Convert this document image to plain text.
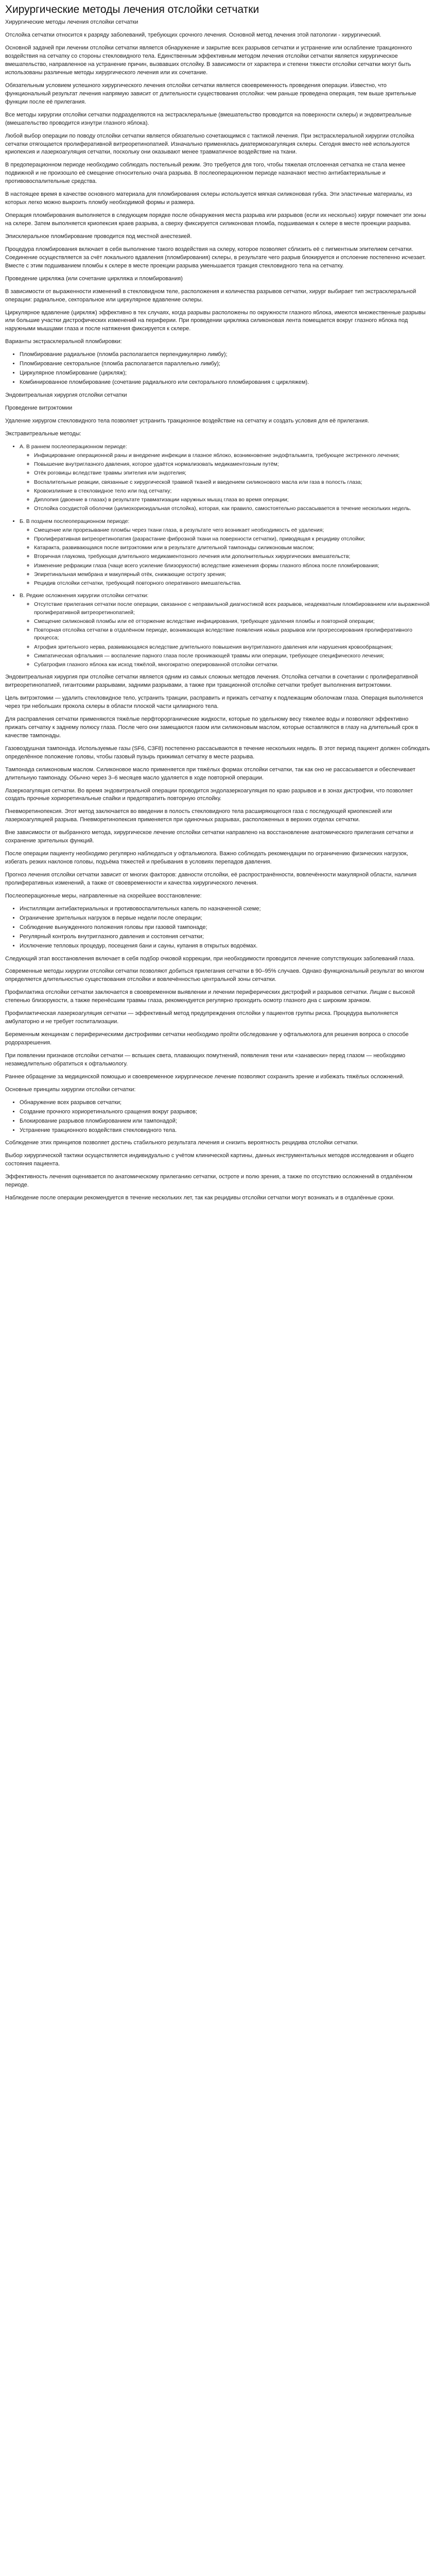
Хирургические методы лечения отслойки сетчатки

Хирургические методы лечения отслойки сетчатки

Отслойка сетчатки относится к разряду заболеваний, требующих срочного лечения. Основной метод лечения этой патологии - хирургический.

Основной задачей при лечении отслойки сетчатки является обнаружение и закрытие всех разрывов сетчатки и устранение или ослабление тракционного воздействия на сетчатку со стороны стекловидного тела. Единственным эффективным методом лечения отслойки сетчатки является хирургическое вмешательство, направленное на устранение причин, вызвавших отслойку. В зависимости от характера и степени тяжести отслойки сетчатки могут быть использованы различные методы хирургического лечения или их сочетание.

Обязательным условием успешного хирургического лечения отслойки сетчатки является своевременность проведения операции. Известно, что функциональный результат лечения напрямую зависит от длительности существования отслойки: чем раньше проведена операция, тем выше зрительные функции после её прилегания.

Все методы хирургии отслойки сетчатки подразделяются на экстрасклеральные (вмешательство проводится на поверхности склеры) и эндовитреальные (вмешательство проводится изнутри глазного яблока).

Любой выбор операции по поводу отслойки сетчатки является обязательно сочетающимся с тактикой лечения. При экстрасклеральной хирургии отслойка сетчатки отягощается пролиферативной витреоретинопатией. Изначально применялась диатермокоагуляция склеры. Сегодня вместо неё используются криопексия и лазеркоагуляция сетчатки, поскольку они оказывают менее травматичное воздействие на ткани.

В предоперационном периоде необходимо соблюдать постельный режим. Это требуется для того, чтобы тяжелая отслоенная сетчатка не стала менее подвижной и не произошло её смещение относительно очага разрыва. В послеоперационном периоде назначают местно антибактериальные и противовоспалительные средства.

В настоящее время в качестве основного материала для пломбирования склеры используется мягкая силиконовая губка. Эти эластичные материалы, из которых легко можно выкроить пломбу необходимой формы и размера.

Операция пломбирования выполняется в следующем порядке после обнаружения места разрыва или разрывов (если их несколько) хирург помечает эти зоны на склере. Затем выполняется криопексия краев разрыва, а сверху фиксируется силиконовая пломба, подшиваемая к склере в месте проекции разрыва.

Эписклеральное пломбирование проводится под местной анестезией.

Процедура пломбирования включает в себя выполнение такого воздействия на склеру, которое позволяет сблизить её с пигментным эпителием сетчатки. Соединение осуществляется за счёт локального вдавления (пломбирования) склеры, в результате чего разрыв блокируется и отслоение постепенно исчезает. Вместе с этим подшиванием пломбы к склере в месте проекции разрыва уменьшается тракция стекловидного тела на сетчатку.

Проведение циркляжа (или сочетание циркляжа и пломбирования)

В зависимости от выраженности изменений в стекловидном теле, расположения и количества разрывов сетчатки, хирург выбирает тип экстрасклеральной операции: радиальное, секторальное или циркулярное вдавление склеры.

Циркулярное вдавление (циркляж) эффективно в тех случаях, когда разрывы расположены по окружности глазного яблока, имеются множественные разрывы или большие участки дистрофических изменений на периферии. При проведении циркляжа силиконовая лента помещается вокруг глазного яблока под наружными мышцами глаза и после натяжения фиксируется к склере.

Варианты экстрасклеральной пломбировки:

• Пломбирование радиальное (пломба располагается перпендикулярно лимбу);
• Пломбирование секторальное (пломба располагается параллельно лимбу);
• Циркулярное пломбирование (циркляж);
• Комбинированное пломбирование (сочетание радиального или секторального пломбирования с циркляжем).

Эндовитреальная хирургия отслойки сетчатки

Проведение витрэктомии

Удаление хирургом стекловидного тела позволяет устранить тракционное воздействие на сетчатку и создать условия для её прилегания.

Экстравитреальные методы:

• А. В раннем послеоперационном периоде:
◦ Инфицирование операционной раны и внедрение инфекции в глазное яблоко, возникновение эндофтальмита, требующее экстренного лечения;
◦ Повышение внутриглазного давления, которое удаётся нормализовать медикаментозным путём;
◦ Отёк роговицы вследствие травмы эпителия или эндотелия;
◦ Воспалительные реакции, связанные с хирургической травмой тканей и введением силиконового масла или газа в полость глаза;
◦ Кровоизлияние в стекловидное тело или под сетчатку;
◦ Диплопия (двоение в глазах) в результате травматизации наружных мышц глаза во время операции;
◦ Отслойка сосудистой оболочки (цилиохориоидальная отслойка), которая, как правило, самостоятельно рассасывается в течение нескольких недель.
• Б. В позднем послеоперационном периоде:
◦ Смещение или прорезывание пломбы через ткани глаза, в результате чего возникает необходимость её удаления;
◦ Пролиферативная витреоретинопатия (разрастание фиброзной ткани на поверхности сетчатки), приводящая к рецидиву отслойки;
◦ Катаракта, развивающаяся после витрэктомии или в результате длительной тампонады силиконовым маслом;
◦ Вторичная глаукома, требующая длительного медикаментозного лечения или дополнительных хирургических вмешательств;
◦ Изменение рефракции глаза (чаще всего усиление близорукости) вследствие изменения формы глазного яблока после пломбирования;
◦ Эпиретинальная мембрана и макулярный отёк, снижающие остроту зрения;
◦ Рецидив отслойки сетчатки, требующий повторного оперативного вмешательства.
• В. Редкие осложнения хирургии отслойки сетчатки:
◦ Отсутствие прилегания сетчатки после операции, связанное с неправильной диагностикой всех разрывов, неадекватным пломбированием или выраженной пролиферативной витреоретинопатией;
◦ Смещение силиконовой пломбы или её отторжение вследствие инфицирования, требующее удаления пломбы и повторной операции;
◦ Повторная отслойка сетчатки в отдалённом периоде, возникающая вследствие появления новых разрывов или прогрессирования пролиферативного процесса;
◦ Атрофия зрительного нерва, развивающаяся вследствие длительного повышения внутриглазного давления или нарушения кровообращения;
◦ Симпатическая офтальмия — воспаление парного глаза после проникающей травмы или операции, требующее специфического лечения;
◦ Субатрофия глазного яблока как исход тяжёлой, многократно оперированной отслойки сетчатки.

Эндовитреальная хирургия при отслойке сетчатки является одним из самых сложных методов лечения. Отслойка сетчатки в сочетании с пролиферативной витреоретинопатией, гигантскими разрывами, задними разрывами, а также при тракционной отслойке сетчатки требует выполнения витрэктомии.

Цель витрэктомии — удалить стекловидное тело, устранить тракции, расправить и прижать сетчатку к подлежащим оболочкам глаза. Операция выполняется через три небольших прокола склеры в области плоской части цилиарного тела.

Для расправления сетчатки применяются тяжёлые перфторорганические жидкости, которые по удельному весу тяжелее воды и позволяют эффективно прижать сетчатку к заднему полюсу глаза. После чего они замещаются газом или силиконовым маслом, которые оставляются в глазу на длительный срок в качестве тампонады.

Газовоздушная тампонада. Используемые газы (SF6, C3F8) постепенно рассасываются в течение нескольких недель. В этот период пациент должен соблюдать определённое положение головы, чтобы газовый пузырь прижимал сетчатку в месте разрыва.

Тампонада силиконовым маслом. Силиконовое масло применяется при тяжёлых формах отслойки сетчатки, так как оно не рассасывается и обеспечивает длительную тампонаду. Обычно через 3–6 месяцев масло удаляется в ходе повторной операции.

Лазеркоагуляция сетчатки. Во время эндовитреальной операции проводится эндолазеркоагуляция по краю разрывов и в зонах дистрофии, что позволяет создать прочные хориоретинальные спайки и предотвратить повторную отслойку.

Пневморетинопексия. Этот метод заключается во введении в полость стекловидного тела расширяющегося газа с последующей криопексией или лазеркоагуляцией разрыва. Пневморетинопексия применяется при одиночных разрывах, расположенных в верхних отделах сетчатки.

Вне зависимости от выбранного метода, хирургическое лечение отслойки сетчатки направлено на восстановление анатомического прилегания сетчатки и сохранение зрительных функций.

После операции пациенту необходимо регулярно наблюдаться у офтальмолога. Важно соблюдать рекомендации по ограничению физических нагрузок, избегать резких наклонов головы, подъёма тяжестей и пребывания в условиях перепадов давления.

Прогноз лечения отслойки сетчатки зависит от многих факторов: давности отслойки, её распространённости, вовлечённости макулярной области, наличия пролиферативных изменений, а также от своевременности и качества хирургического лечения.

Послеоперационные меры, направленные на скорейшее восстановление:

• Инстилляции антибактериальных и противовоспалительных капель по назначенной схеме;
• Ограничение зрительных нагрузок в первые недели после операции;
• Соблюдение вынужденного положения головы при газовой тампонаде;
• Регулярный контроль внутриглазного давления и состояния сетчатки;
• Исключение тепловых процедур, посещения бани и сауны, купания в открытых водоёмах.

Следующий этап восстановления включает в себя подбор очковой коррекции, при необходимости проводится лечение сопутствующих заболеваний глаза.

Современные методы хирургии отслойки сетчатки позволяют добиться прилегания сетчатки в 90–95% случаев. Однако функциональный результат во многом определяется длительностью существования отслойки и вовлечённостью центральной зоны сетчатки.

Профилактика отслойки сетчатки заключается в своевременном выявлении и лечении периферических дистрофий и разрывов сетчатки. Лицам с высокой степенью близорукости, а также перенёсшим травмы глаза, рекомендуется регулярно проходить осмотр глазного дна с широким зрачком.

Профилактическая лазеркоагуляция сетчатки — эффективный метод предупреждения отслойки у пациентов группы риска. Процедура выполняется амбулаторно и не требует госпитализации.

Беременным женщинам с периферическими дистрофиями сетчатки необходимо пройти обследование у офтальмолога для решения вопроса о способе родоразрешения.

При появлении признаков отслойки сетчатки — вспышек света, плавающих помутнений, появления тени или «занавески» перед глазом — необходимо незамедлительно обратиться к офтальмологу.

Раннее обращение за медицинской помощью и своевременное хирургическое лечение позволяют сохранить зрение и избежать тяжёлых осложнений.

Основные принципы хирургии отслойки сетчатки:

• Обнаружение всех разрывов сетчатки;
• Создание прочного хориоретинального сращения вокруг разрывов;
• Блокирование разрывов пломбированием или тампонадой;
• Устранение тракционного воздействия стекловидного тела.

Соблюдение этих принципов позволяет достичь стабильного результата лечения и снизить вероятность рецидива отслойки сетчатки.

Выбор хирургической тактики осуществляется индивидуально с учётом клинической картины, данных инструментальных методов исследования и общего состояния пациента.

Эффективность лечения оценивается по анатомическому прилеганию сетчатки, остроте и полю зрения, а также по отсутствию осложнений в отдалённом периоде.

Наблюдение после операции рекомендуется в течение нескольких лет, так как рецидивы отслойки сетчатки могут возникать и в отдалённые сроки.
